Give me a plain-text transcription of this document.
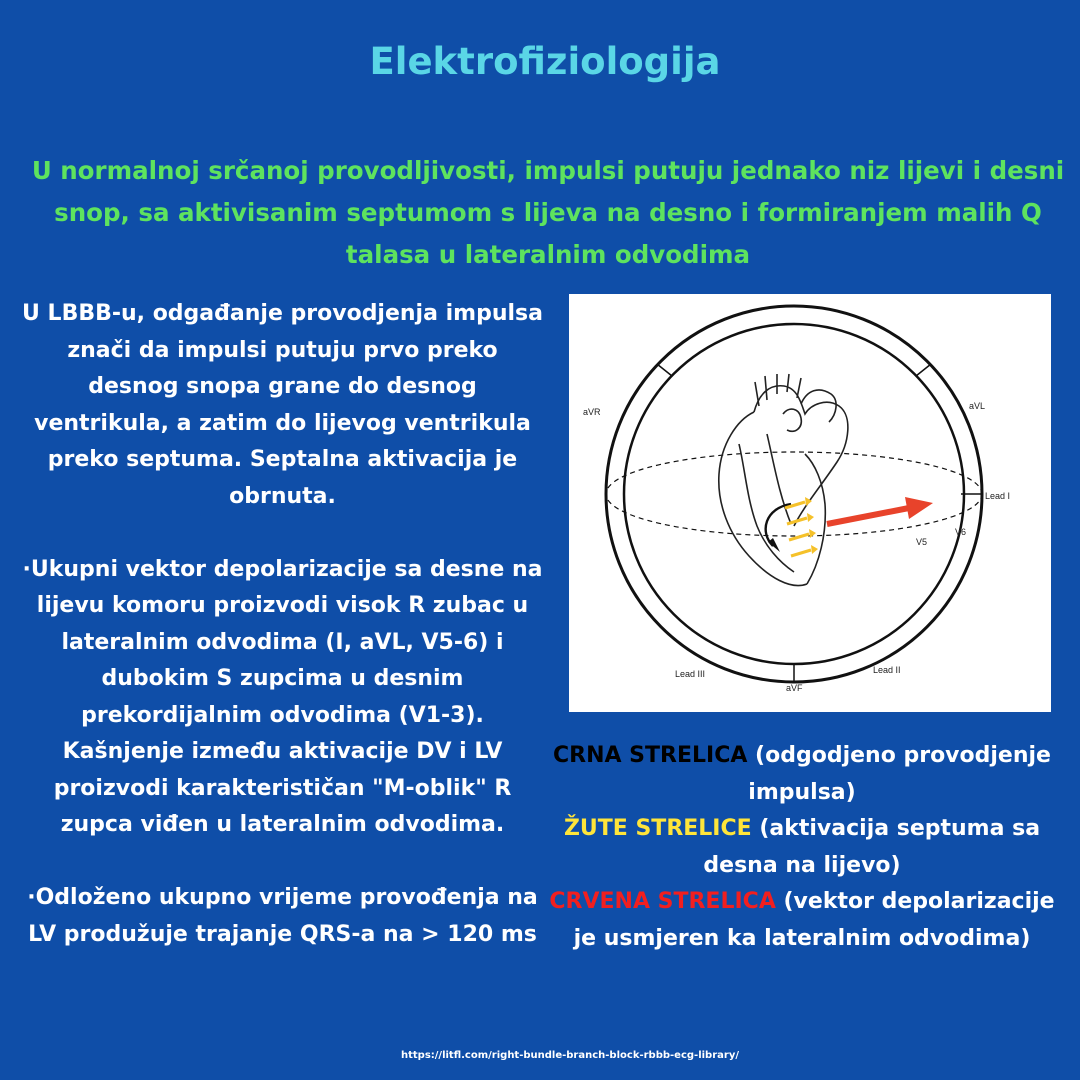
Elektrofiziologija
U normalnoj srčanoj provodljivosti, impulsi putuju jednako niz lijevi i desni snop, sa aktivisanim septumom s lijeva na desno i formiranjem malih Q talasa u lateralnim odvodima

U LBBB-u, odgađanje provodjenja impulsa znači da impulsi putuju prvo preko desnog snopa grane do desnog ventrikula, a zatim do lijevog ventrikula preko septuma. Septalna aktivacija je obrnuta.

·Ukupni vektor depolarizacije sa desne na lijevu komoru proizvodi visok R zubac u lateralnim odvodima (I, aVL, V5-6) i dubokim S zupcima u desnim prekordijalnim odvodima (V1-3). Kašnjenje između aktivacije DV i LV proizvodi karakterističan "M-oblik" R zupca viđen u lateralnim odvodima.

·Odloženo ukupno vrijeme provođenja na LV produžuje trajanje QRS-a na > 120 ms

aVR
aVL
Lead I
V6
V5
Lead III	Lead II
aVF

CRNA STRELICA (odgodjeno provodjenje impulsa)

ŽUTE STRELICE (aktivacija septuma sa desna na lijevo)

CRVENA STRELICA (vektor depolarizacije je usmjeren ka lateralnim odvodima)

https://litfl.com/right-bundle-branch-block-rbbb-ecg-library/
